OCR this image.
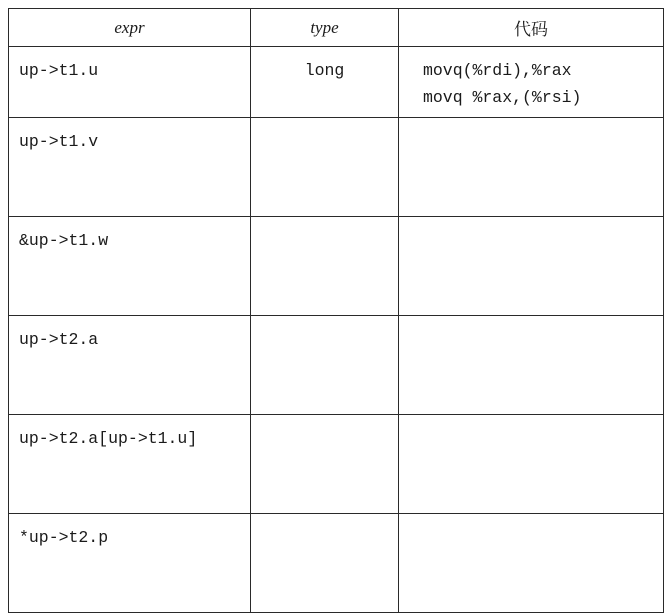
expr	type	代码

up->t1.u	long	movq(%rdi),%rax
movq %rax,(%rsi)

up->t1.v		

&up->t1.w		

up->t2.a		

up->t2.a[up->t1.u]		

*up->t2.p		
